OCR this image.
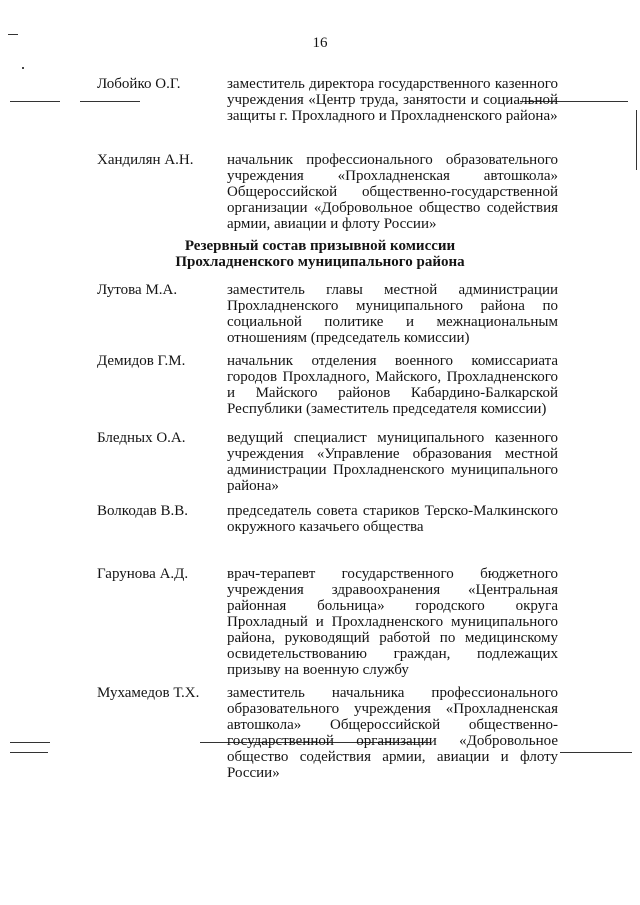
16
Лобойко О.Г.	заместитель директора государственного казенного учреждения «Центр труда, занятости и социальной защиты г. Прохладного и Прохладненского района»
Хандилян А.Н. начальник профессионального образовательного учреждения «Прохладненская автошкола» Общероссийской общественно-государственной организации «Добровольное общество содействия армии, авиации и флоту России»
Резервный состав призывной комиссии
Прохладненского муниципального района
Лутова М.А.	заместитель главы местной администрации Прохладненского муниципального района по социальной политике и межнациональным отношениям (председатель комиссии)
Демидов Г.М.	начальник отделения военного комиссариата городов Прохладного, Майского, Прохладненского и Майского районов Кабардино-Балкарской Республики (заместитель председателя комиссии)
Бледных О.А.	ведущий специалист муниципального казенного учреждения «Управление образования местной администрации Прохладненского муниципального района»
Волкодав В.В.	председатель совета стариков Терско-Малкинского окружного казачьего общества
Гарунова А.Д.	врач-терапевт государственного бюджетного учреждения здравоохранения «Центральная районная больница» городского округа Прохладный и Прохладненского муниципального района, руководящий работой по медицинскому освидетельствованию граждан, подлежащих призыву на военную службу
Мухамедов Т.Х. заместитель начальника профессионального образовательного учреждения «Прохладненская автошкола» Общероссийской общественно-государственной организации «Добровольное общество содействия армии, авиации и флоту России»
